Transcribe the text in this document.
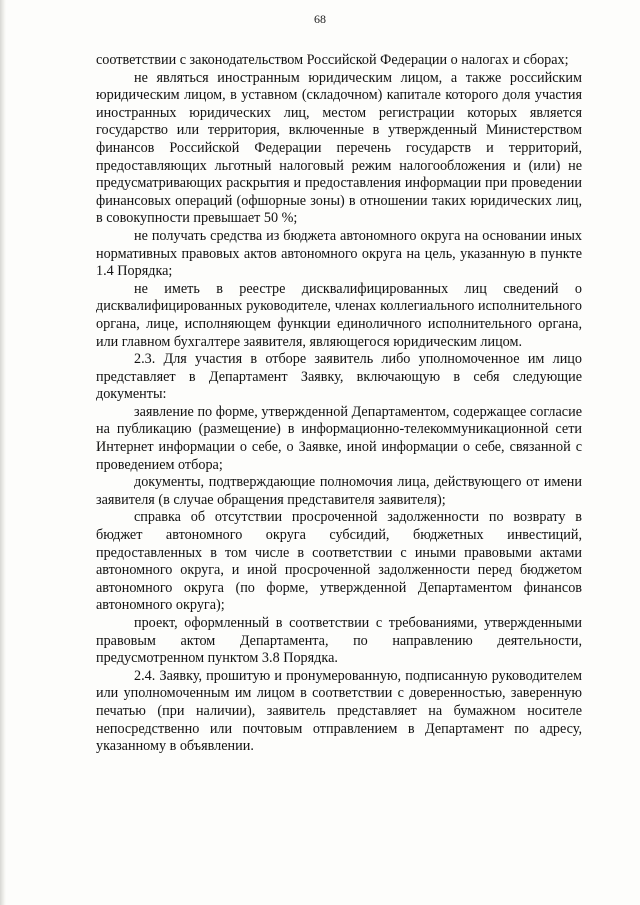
68

соответствии с законодательством Российской Федерации о налогах и сборах;

не являться иностранным юридическим лицом, а также российским юридическим лицом, в уставном (складочном) капитале которого доля участия иностранных юридических лиц, местом регистрации которых является государство или территория, включенные в утвержденный Министерством финансов Российской Федерации перечень государств и территорий, предоставляющих льготный налоговый режим налогообложения и (или) не предусматривающих раскрытия и предоставления информации при проведении финансовых операций (офшорные зоны) в отношении таких юридических лиц, в совокупности превышает 50 %;

не получать средства из бюджета автономного округа на основании иных нормативных правовых актов автономного округа на цель, указанную в пункте 1.4 Порядка;

не иметь в реестре дисквалифицированных лиц сведений о дисквалифицированных руководителе, членах коллегиального исполнительного органа, лице, исполняющем функции единоличного исполнительного органа, или главном бухгалтере заявителя, являющегося юридическим лицом.

2.3. Для участия в отборе заявитель либо уполномоченное им лицо представляет в Департамент Заявку, включающую в себя следующие документы:

заявление по форме, утвержденной Департаментом, содержащее согласие на публикацию (размещение) в информационно-телекоммуникационной сети Интернет информации о себе, о Заявке, иной информации о себе, связанной с проведением отбора;

документы, подтверждающие полномочия лица, действующего от имени заявителя (в случае обращения представителя заявителя);

справка об отсутствии просроченной задолженности по возврату в бюджет автономного округа субсидий, бюджетных инвестиций, предоставленных в том числе в соответствии с иными правовыми актами автономного округа, и иной просроченной задолженности перед бюджетом автономного округа (по форме, утвержденной Департаментом финансов автономного округа);

проект, оформленный в соответствии с требованиями, утвержденными правовым актом Департамента, по направлению деятельности, предусмотренном пунктом 3.8 Порядка.

2.4. Заявку, прошитую и пронумерованную, подписанную руководителем или уполномоченным им лицом в соответствии с доверенностью, заверенную печатью (при наличии), заявитель представляет на бумажном носителе непосредственно или почтовым отправлением в Департамент по адресу, указанному в объявлении.
